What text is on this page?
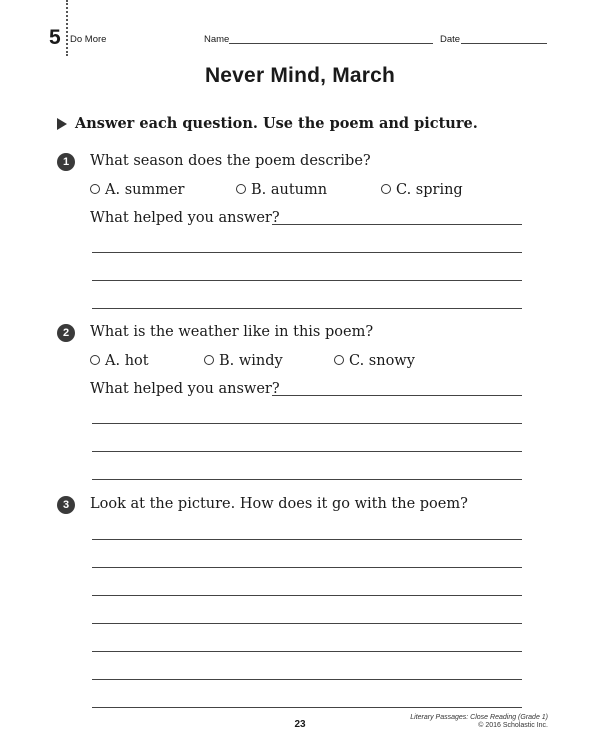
5 Do More	Name	Date
Never Mind, March
Answer each question. Use the poem and picture.
1	What season does the poem describe?
A. summer	B. autumn	C. spring
What helped you answer?
2	What is the weather like in this poem?
A. hot	B. windy	C. snowy
What helped you answer?
3	Look at the picture. How does it go with the poem?
23
Literary Passages: Close Reading (Grade 1)
© 2016 Scholastic Inc.
